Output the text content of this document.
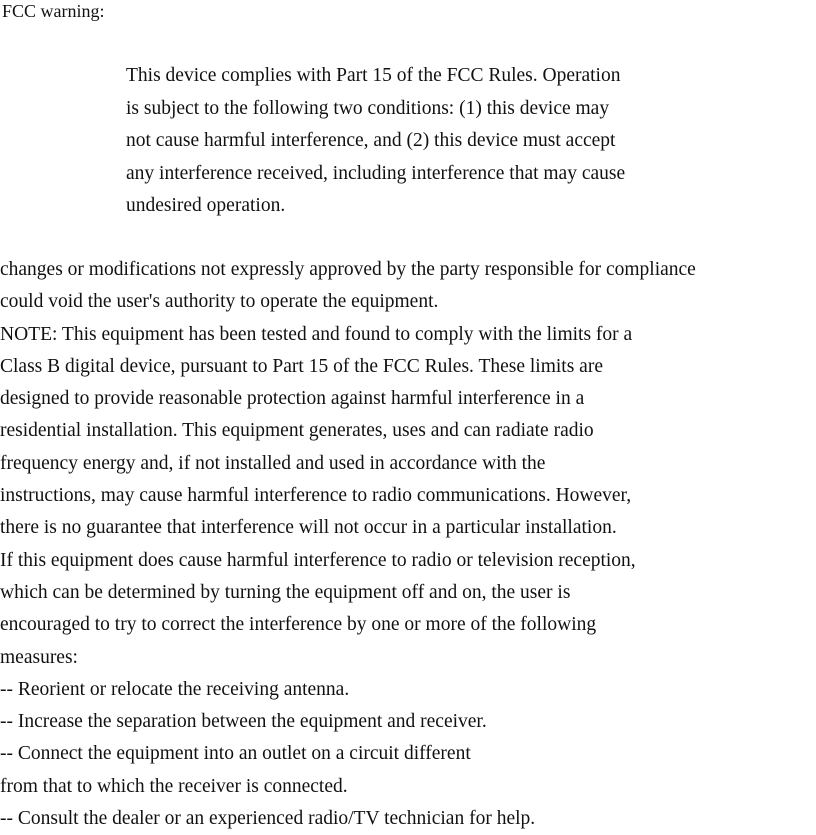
FCC warning:
This device complies with Part 15 of the FCC Rules. Operation
is subject to the following two conditions: (1) this device may
not cause harmful interference, and (2) this device must accept
any interference received, including interference that may cause
undesired operation.
changes or modifications not expressly approved by the party responsible for compliance
could void the user's authority to operate the equipment.
NOTE: This equipment has been tested and found to comply with the limits for a
Class B digital device, pursuant to Part 15 of the FCC Rules. These limits are
designed to provide reasonable protection against harmful interference in a
residential installation. This equipment generates, uses and can radiate radio
frequency energy and, if not installed and used in accordance with the
instructions, may cause harmful interference to radio communications. However,
there is no guarantee that interference will not occur in a particular installation.
If this equipment does cause harmful interference to radio or television reception,
which can be determined by turning the equipment off and on, the user is
encouraged to try to correct the interference by one or more of the following
measures:
-- Reorient or relocate the receiving antenna.
-- Increase the separation between the equipment and receiver.
-- Connect the equipment into an outlet on a circuit different
from that to which the receiver is connected.
-- Consult the dealer or an experienced radio/TV technician for help.
